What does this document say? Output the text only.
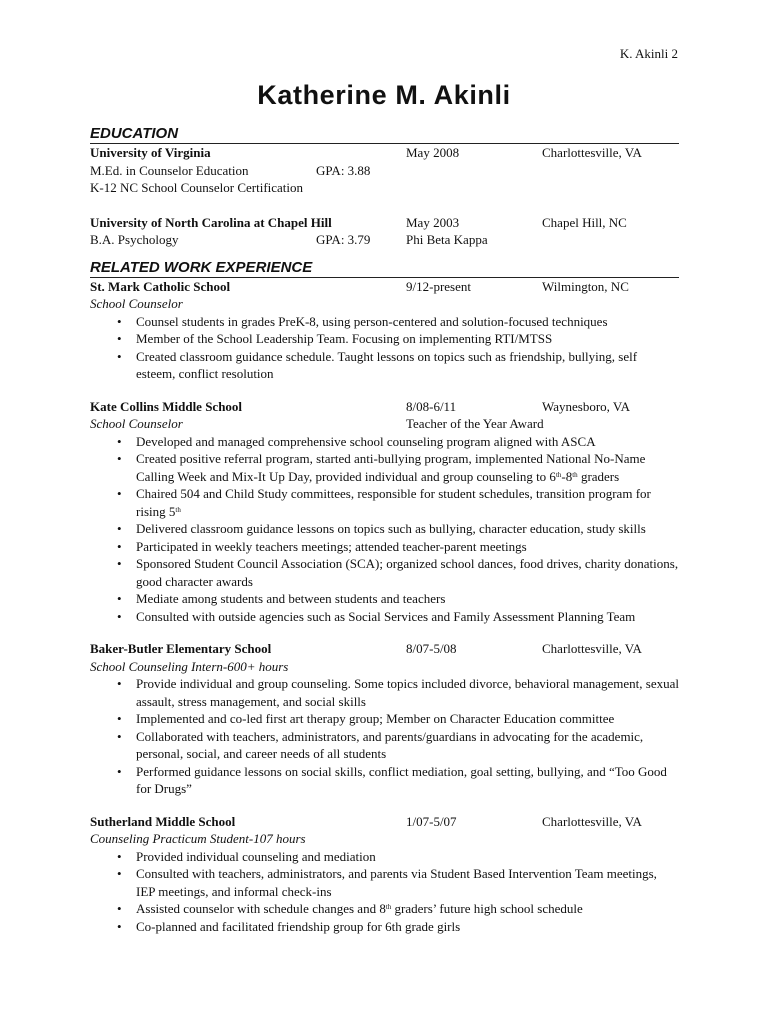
K. Akinli 2
Katherine M. Akinli
EDUCATION
University of Virginia	May 2008	Charlottesville, VA
M.Ed. in Counselor Education	GPA: 3.88
K-12 NC School Counselor Certification
University of North Carolina at Chapel Hill	May 2003	Chapel Hill, NC
B.A. Psychology	GPA: 3.79	Phi Beta Kappa
RELATED WORK EXPERIENCE
St. Mark Catholic School	9/12-present	Wilmington, NC
School Counselor
• Counsel students in grades PreK-8, using person-centered and solution-focused techniques
• Member of the School Leadership Team. Focusing on implementing RTI/MTSS
• Created classroom guidance schedule. Taught lessons on topics such as friendship, bullying, self esteem, conflict resolution
Kate Collins Middle School	8/08-6/11	Waynesboro, VA
School Counselor	Teacher of the Year Award
• Developed and managed comprehensive school counseling program aligned with ASCA
• Created positive referral program, started anti-bullying program, implemented National No-Name Calling Week and Mix-It Up Day, provided individual and group counseling to 6th-8th graders
• Chaired 504 and Child Study committees, responsible for student schedules, transition program for rising 5th
• Delivered classroom guidance lessons on topics such as bullying, character education, study skills
• Participated in weekly teachers meetings; attended teacher-parent meetings
• Sponsored Student Council Association (SCA); organized school dances, food drives, charity donations, good character awards
• Mediate among students and between students and teachers
• Consulted with outside agencies such as Social Services and Family Assessment Planning Team
Baker-Butler Elementary School	8/07-5/08	Charlottesville, VA
School Counseling Intern-600+ hours
• Provide individual and group counseling. Some topics included divorce, behavioral management, sexual assault, stress management, and social skills
• Implemented and co-led first art therapy group; Member on Character Education committee
• Collaborated with teachers, administrators, and parents/guardians in advocating for the academic, personal, social, and career needs of all students
• Performed guidance lessons on social skills, conflict mediation, goal setting, bullying, and “Too Good for Drugs”
Sutherland Middle School	1/07-5/07	Charlottesville, VA
Counseling Practicum Student-107 hours
• Provided individual counseling and mediation
• Consulted with teachers, administrators, and parents via Student Based Intervention Team meetings, IEP meetings, and informal check-ins
• Assisted counselor with schedule changes and 8th graders’ future high school schedule
• Co-planned and facilitated friendship group for 6th grade girls
